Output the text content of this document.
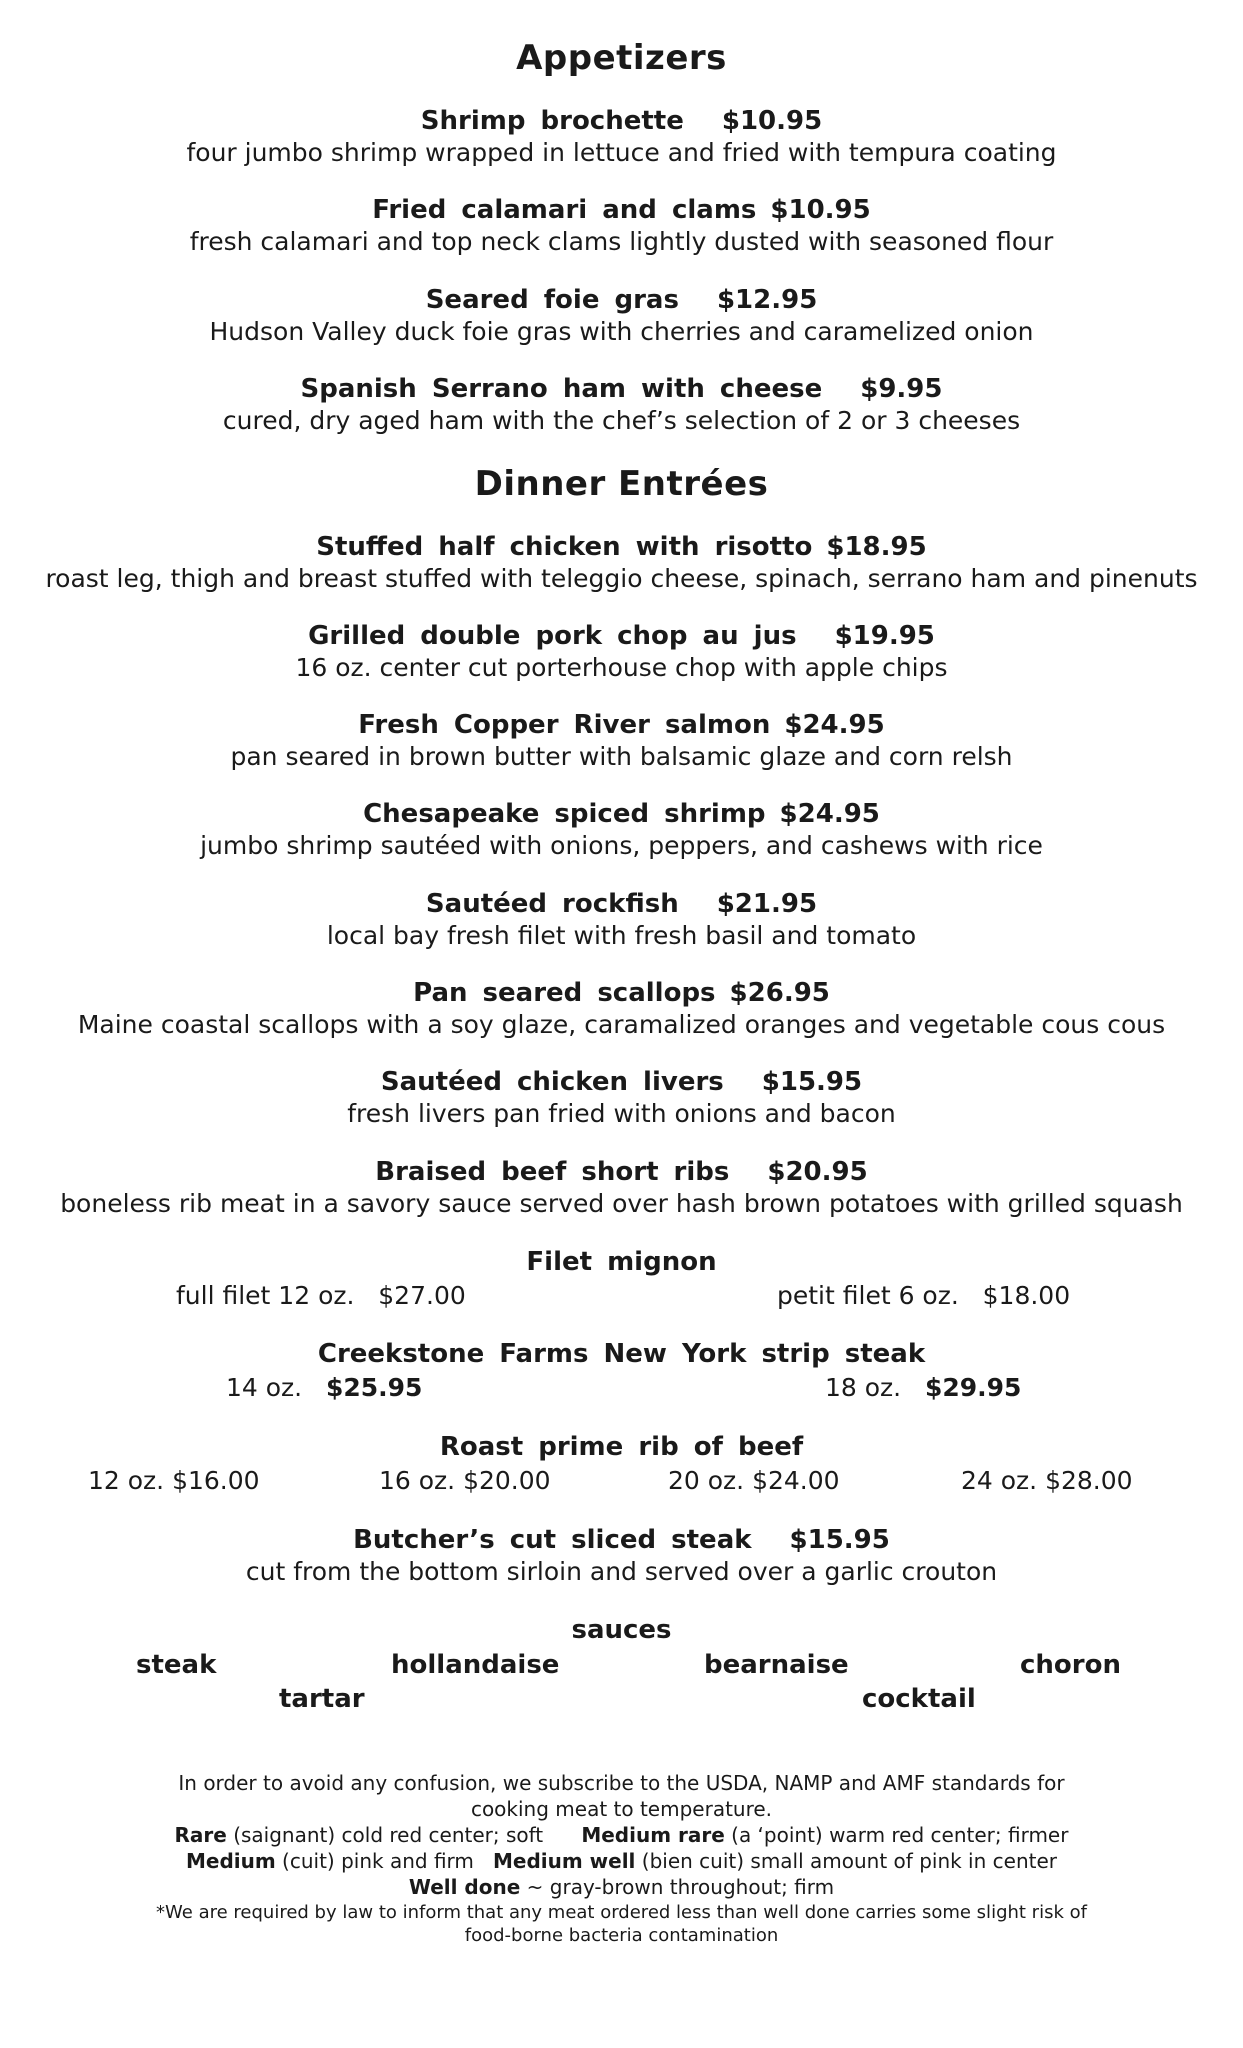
Appetizers
Shrimp brochette $10.95
four jumbo shrimp wrapped in lettuce and fried with tempura coating
Fried calamari and clams $10.95
fresh calamari and top neck clams lightly dusted with seasoned flour
Seared foie gras $12.95
Hudson Valley duck foie gras with cherries and caramelized onion
Spanish Serrano ham with cheese $9.95
cured, dry aged ham with the chef’s selection of 2 or 3 cheeses
Dinner Entrées
Stuffed half chicken with risotto $18.95
roast leg, thigh and breast stuffed with teleggio cheese, spinach, serrano ham and pinenuts
Grilled double pork chop au jus $19.95
16 oz. center cut porterhouse chop with apple chips
Fresh Copper River salmon $24.95
pan seared in brown butter with balsamic glaze and corn relsh
Chesapeake spiced shrimp $24.95
jumbo shrimp sautéed with onions, peppers, and cashews with rice
Sautéed rockfish $21.95
local bay fresh filet with fresh basil and tomato
Pan seared scallops $26.95
Maine coastal scallops with a soy glaze, caramalized oranges and vegetable cous cous
Sautéed chicken livers $15.95
fresh livers pan fried with onions and bacon
Braised beef short ribs $20.95
boneless rib meat in a savory sauce served over hash brown potatoes with grilled squash
Filet mignon
full filet 12 oz. $27.00	petit filet 6 oz. $18.00
Creekstone Farms New York strip steak
14 oz. $25.95	18 oz. $29.95
Roast prime rib of beef
12 oz. $16.00	16 oz. $20.00	20 oz. $24.00	24 oz. $28.00
Butcher’s cut sliced steak $15.95
cut from the bottom sirloin and served over a garlic crouton
sauces
steak	hollandaise	bearnaise	choron
tartar	cocktail
In order to avoid any confusion, we subscribe to the USDA, NAMP and AMF standards for
cooking meat to temperature.
Rare (saignant) cold red center; soft Medium rare (a ‘point) warm red center; firmer
Medium (cuit) pink and firm Medium well (bien cuit) small amount of pink in center
Well done ~ gray-brown throughout; firm
*We are required by law to inform that any meat ordered less than well done carries some slight risk of
food-borne bacteria contamination
